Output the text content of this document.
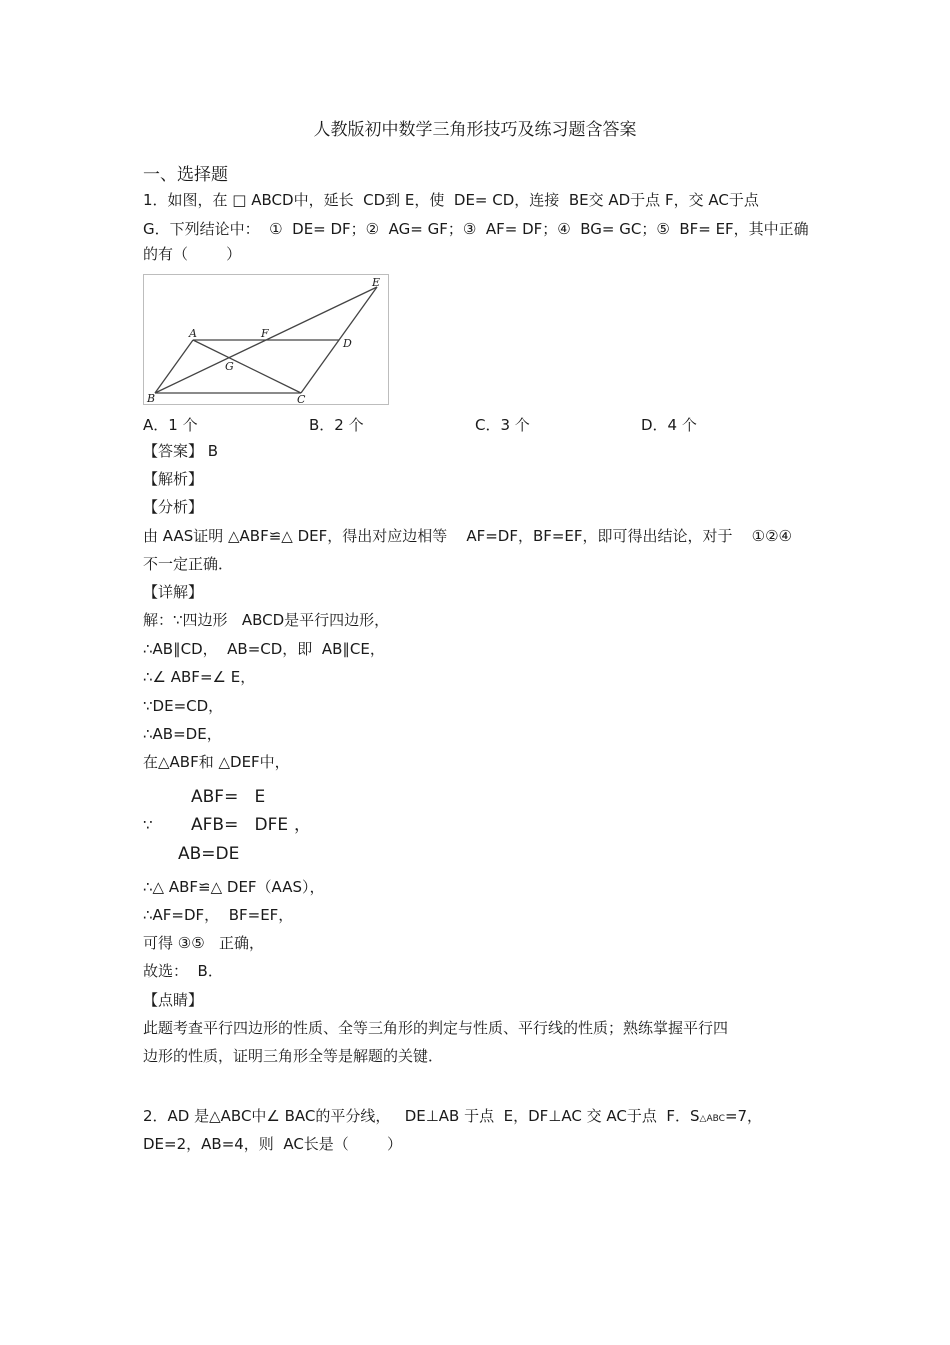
人教版初中数学三角形技巧及练习题含答案
一、选择题
1．如图，在 □ ABCD中，延长  CD到 E，使  DE= CD，连接  BE交 AD于点 F，交 AC于点
G．下列结论中：  ①  DE= DF；②  AG= GF；③  AF= DF；④  BG= GC；⑤  BF= EF，其中正确
的有（        ）
A	F
D
E
G
B	C
A．1 个	B．2 个	C．3 个	D．4 个
【答案】 B
【解析】
【分析】
由 AAS证明 △ABF≌△ DEF，得出对应边相等    AF=DF，BF=EF，即可得出结论，对于    ①②④
不一定正确．
【详解】
解：∵四边形   ABCD是平行四边形，
∴AB∥CD，  AB=CD，即  AB∥CE，
∴∠ ABF=∠ E，
∵DE=CD，
∴AB=DE，
在△ABF和 △DEF中，
ABF=   E
∵ AFB=   DFE ，
AB=DE
∴△ ABF≌△ DEF（AAS），
∴AF=DF，  BF=EF，
可得 ③⑤   正确，
故选：  B．
【点睛】
此题考查平行四边形的性质、全等三角形的判定与性质、平行线的性质；熟练掌握平行四
边形的性质，证明三角形全等是解题的关键．
2．AD 是△ABC中∠ BAC的平分线，   DE⊥AB 于点  E，DF⊥AC 交 AC于点  F．S△ABC=7，
DE=2，AB=4，则  AC长是（        ）
